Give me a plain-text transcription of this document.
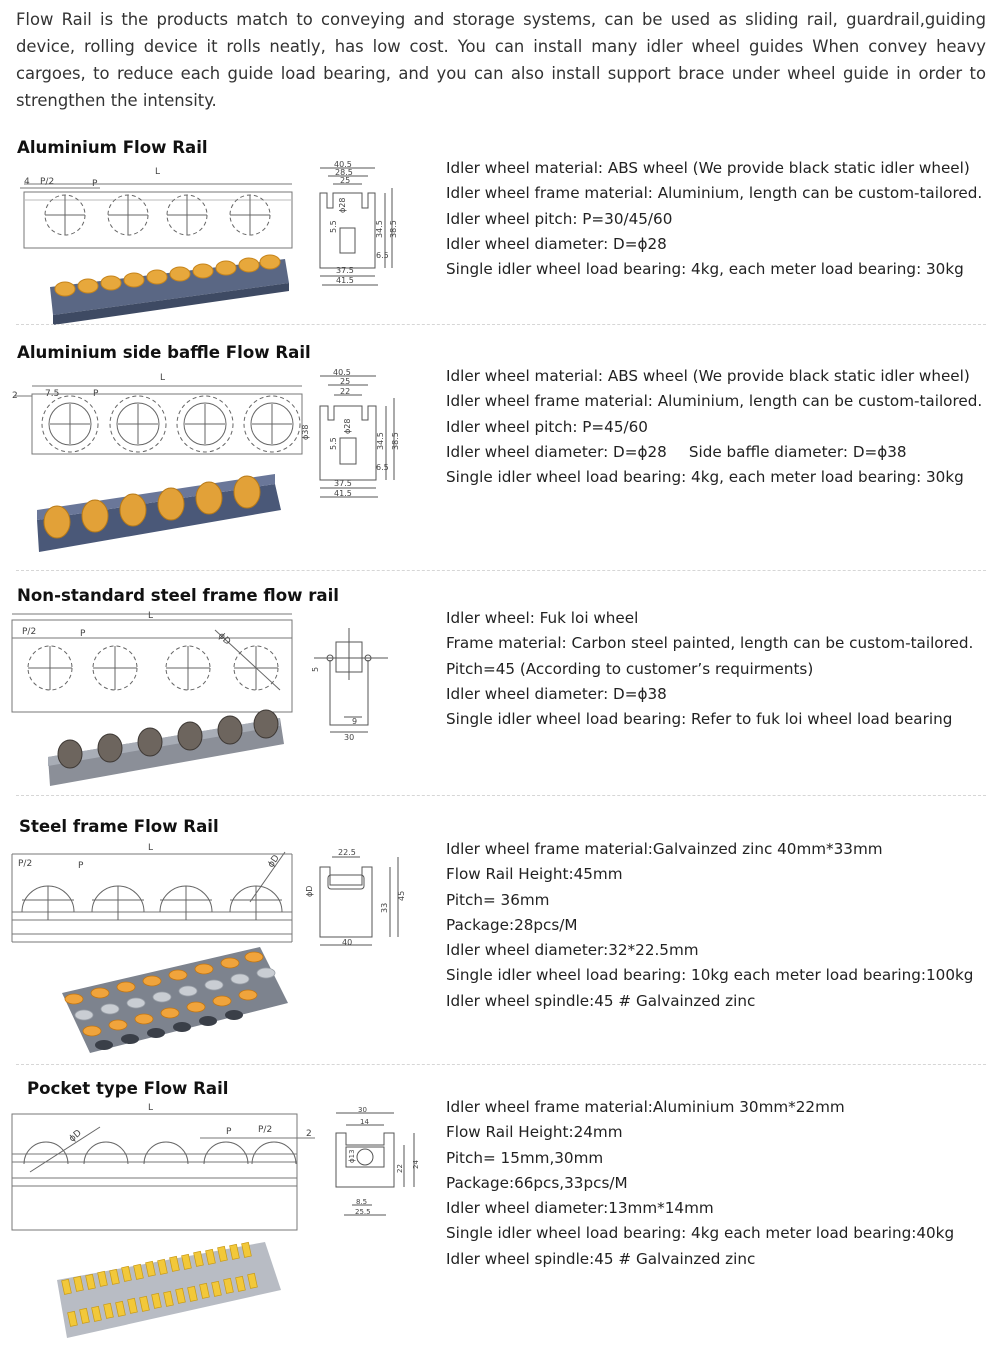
Flow Rail is the products match to conveying and storage systems, can be used as sliding rail, guardrail,guiding device, rolling device it rolls neatly, has low cost. You can install many idler wheel guides When convey heavy cargoes, to reduce each guide load bearing, and you can also install support brace under wheel guide in order to strengthen the intensity.

Aluminium Flow Rail
L
4 P/2	P
40.5
28.5
25
ϕ28
5.5	34.5 38.5
6.5
37.5
41.5
Idler wheel material: ABS wheel (We provide black static idler wheel)
Idler wheel frame material: Aluminium, length can be custom-tailored.
Idler wheel pitch: P=30/45/60
Idler wheel diameter: D=ϕ28
Single idler wheel load bearing: 4kg, each meter load bearing: 30kg
Aluminium side baffle Flow Rail
L
2	7.5	P
40.5
25
22
ϕ38	ϕ28
5.5	34.5 38.5
6.5
37.5
41.5
Idler wheel material: ABS wheel (We provide black static idler wheel)
Idler wheel frame material: Aluminium, length can be custom-tailored.
Idler wheel pitch: P=45/60
Idler wheel diameter: D=ϕ28 Side baffle diameter: D=ϕ38
Single idler wheel load bearing: 4kg, each meter load bearing: 30kg
Non-standard steel frame flow rail
L
P/2	P	ϕD
5
9
30
Idler wheel: Fuk loi wheel
Frame material: Carbon steel painted, length can be custom-tailored.
Pitch=45 (According to customer’s requirments)
Idler wheel diameter: D=ϕ38
Single idler wheel load bearing: Refer to fuk loi wheel load bearing
Steel frame Flow Rail
L
P/2	P	ϕD
22.5
ϕD
33
45
40
Idler wheel frame material:Galvainzed zinc 40mm*33mm
Flow Rail Height:45mm
Pitch= 36mm
Package:28pcs/M
Idler wheel diameter:32*22.5mm
Single idler wheel load bearing: 10kg each meter load bearing:100kg
Idler wheel spindle:45 # Galvainzed zinc
Pocket type Flow Rail
L
ϕD	P	P/2	2
30
14
ϕ13
22 24
8.5
25.5
Idler wheel frame material:Aluminium 30mm*22mm
Flow Rail Height:24mm
Pitch= 15mm,30mm
Package:66pcs,33pcs/M
Idler wheel diameter:13mm*14mm
Single idler wheel load bearing: 4kg each meter load bearing:40kg
Idler wheel spindle:45 # Galvainzed zinc
